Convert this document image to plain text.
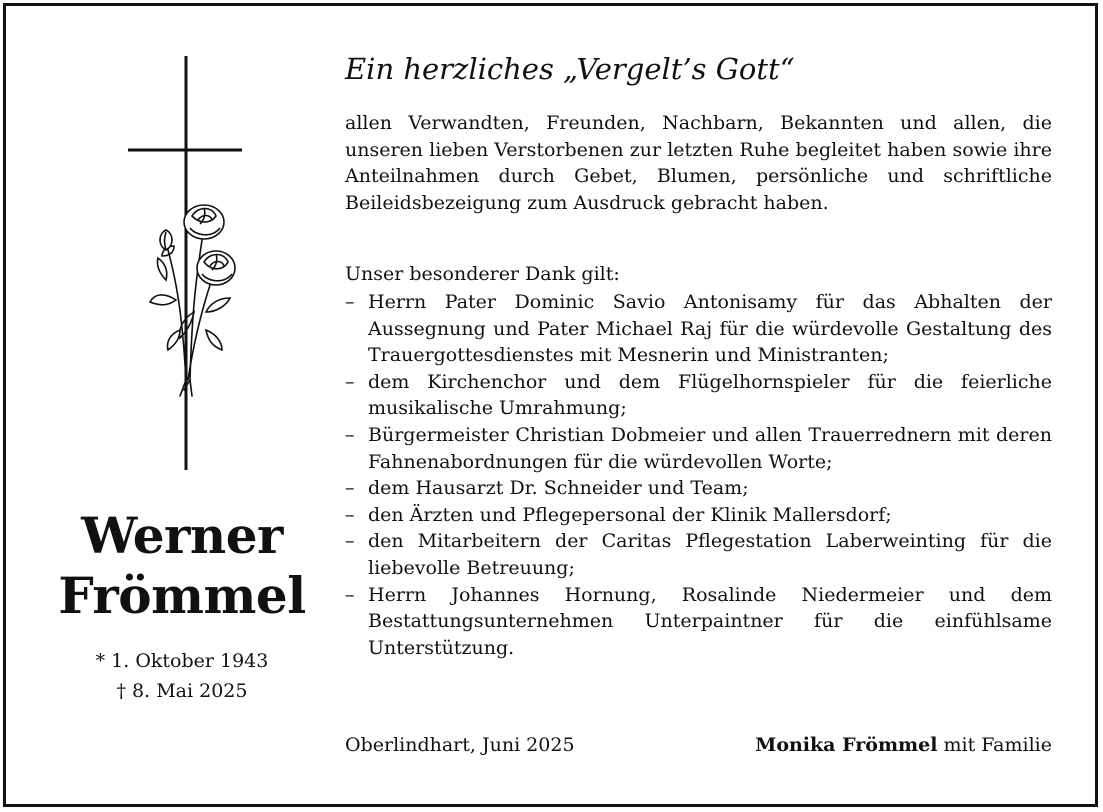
Werner
Frömmel
* 1. Oktober 1943
† 8. Mai 2025
Ein herzliches „Vergelt’s Gott“

allen Verwandten, Freunden, Nachbarn, Bekannten und allen, die unseren lieben Verstorbenen zur letzten Ruhe begleitet haben sowie ihre Anteilnahmen durch Gebet, Blumen, persönliche und schriftliche Beileidsbezeigung zum Ausdruck gebracht haben.

Unser besonderer Dank gilt:
– Herrn Pater Dominic Savio Antonisamy für das Abhalten der Aussegnung und Pater Michael Raj für die würdevolle Gestaltung des Trauergottesdienstes mit Mesnerin und Ministranten;
– dem Kirchenchor und dem Flügelhornspieler für die feierliche musikalische Umrahmung;
– Bürgermeister Christian Dobmeier und allen Trauerrednern mit deren Fahnenabordnungen für die würdevollen Worte;
– dem Hausarzt Dr. Schneider und Team;
– den Ärzten und Pflegepersonal der Klinik Mallersdorf;
– den Mitarbeitern der Caritas Pflegestation Laberweinting für die liebevolle Betreuung;
– Herrn Johannes Hornung, Rosalinde Niedermeier und dem Bestattungsunternehmen Unterpaintner für die einfühlsame Unterstützung.
Oberlindhart, Juni 2025	Monika Frömmel mit Familie
